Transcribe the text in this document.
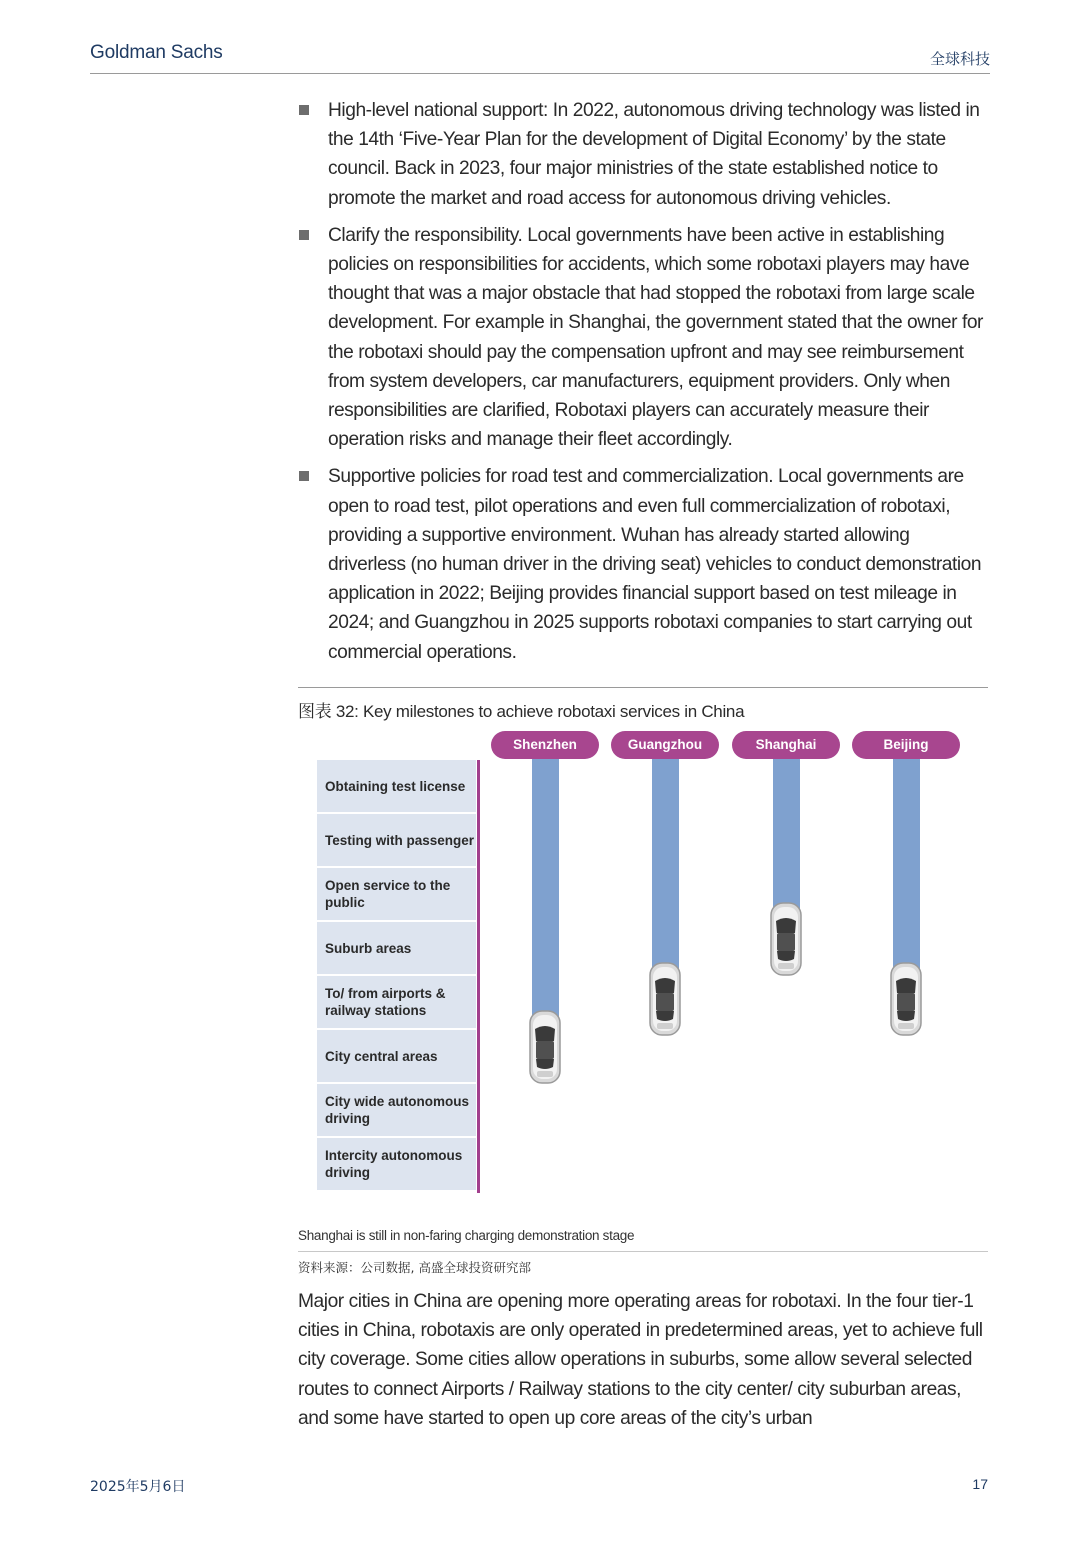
Goldman Sachs	全球科技
High-level national support: In 2022, autonomous driving technology was listed in the 14th ‘Five-Year Plan for the development of Digital Economy’ by the state council. Back in 2023, four major ministries of the state established notice to promote the market and road access for autonomous driving vehicles.
Clarify the responsibility. Local governments have been active in establishing policies on responsibilities for accidents, which some robotaxi players may have thought that was a major obstacle that had stopped the robotaxi from large scale development. For example in Shanghai, the government stated that the owner for the robotaxi should pay the compensation upfront and may see reimbursement from system developers, car manufacturers, equipment providers. Only when responsibilities are clarified, Robotaxi players can accurately measure their operation risks and manage their fleet accordingly.
Supportive policies for road test and commercialization. Local governments are open to road test, pilot operations and even full commercialization of robotaxi, providing a supportive environment. Wuhan has already started allowing driverless (no human driver in the driving seat) vehicles to conduct demonstration application in 2022; Beijing provides financial support based on test mileage in 2024; and Guangzhou in 2025 supports robotaxi companies to start carrying out commercial operations.
图表 32: Key milestones to achieve robotaxi services in China
Obtaining test license
Testing with passenger
Open service to the public
Suburb areas
To/ from airports & railway stations
City central areas
City wide autonomous driving
Intercity autonomous driving
Shenzhen	Guangzhou	Shanghai	Beijing
Shanghai is still in non-faring charging demonstration stage
资料来源：公司数据, 高盛全球投资研究部
Major cities in China are opening more operating areas for robotaxi. In the four tier-1 cities in China, robotaxis are only operated in predetermined areas, yet to achieve full city coverage. Some cities allow operations in suburbs, some allow several selected routes to connect Airports / Railway stations to the city center/ city suburban areas, and some have started to open up core areas of the city’s urban
2025年5月6日	17
